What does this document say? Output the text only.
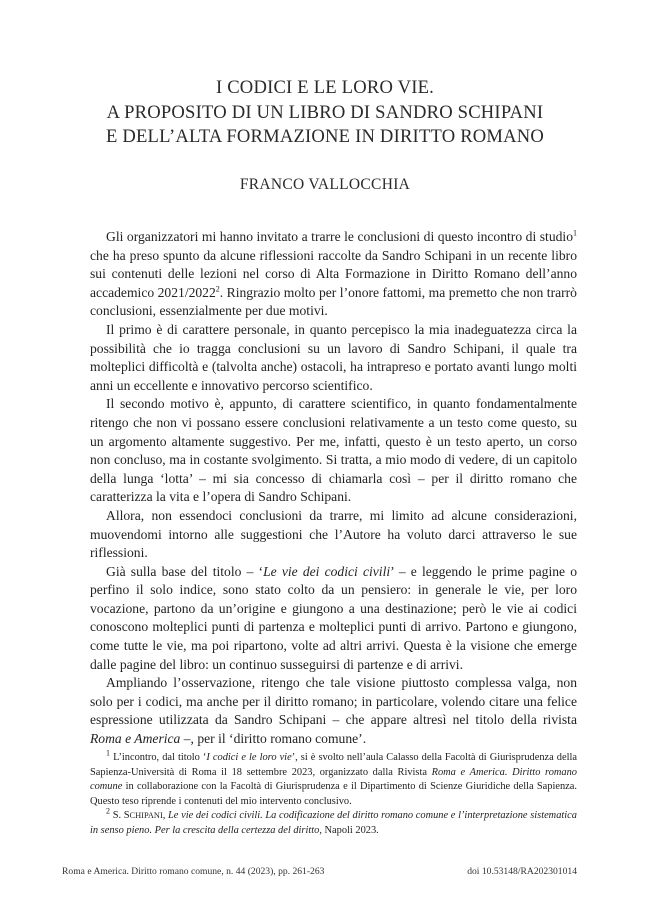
I CODICI E LE LORO VIE.
A PROPOSITO DI UN LIBRO DI SANDRO SCHIPANI
E DELL’ALTA FORMAZIONE IN DIRITTO ROMANO
FRANCO VALLOCCHIA

Gli organizzatori mi hanno invitato a trarre le conclusioni di questo incontro di studio$^1$ che ha preso spunto da alcune riflessioni raccolte da Sandro Schipani in un recente libro sui contenuti delle lezioni nel corso di Alta Formazione in Diritto Romano dell’anno accademico 2021/2022$^2$. Ringrazio molto per l’onore fattomi, ma premetto che non trarrò conclusioni, essenzialmente per due motivi.

Il primo è di carattere personale, in quanto percepisco la mia inadeguatezza circa la possibilità che io tragga conclusioni su un lavoro di Sandro Schipani, il quale tra molteplici difficoltà e (talvolta anche) ostacoli, ha intrapreso e portato avanti lungo molti anni un eccellente e innovativo percorso scientifico.

Il secondo motivo è, appunto, di carattere scientifico, in quanto fondamentalmente ritengo che non vi possano essere conclusioni relativamente a un testo come questo, su un argomento altamente suggestivo. Per me, infatti, questo è un testo aperto, un corso non concluso, ma in costante svolgimento. Si tratta, a mio modo di vedere, di un capitolo della lunga ‘lotta’ – mi sia concesso di chiamarla così – per il diritto romano che caratterizza la vita e l’opera di Sandro Schipani.

Allora, non essendoci conclusioni da trarre, mi limito ad alcune considerazioni, muovendomi intorno alle suggestioni che l’Autore ha voluto darci attraverso le sue riflessioni.

Già sulla base del titolo – ‘Le vie dei codici civili’ – e leggendo le prime pagine o perfino il solo indice, sono stato colto da un pensiero: in generale le vie, per loro vocazione, partono da un’origine e giungono a una destinazione; però le vie ai codici conoscono molteplici punti di partenza e molteplici punti di arrivo. Partono e giungono, come tutte le vie, ma poi ripartono, volte ad altri arrivi. Questa è la visione che emerge dalle pagine del libro: un continuo susseguirsi di partenze e di arrivi.

Ampliando l’osservazione, ritengo che tale visione piuttosto complessa valga, non solo per i codici, ma anche per il diritto romano; in particolare, volendo citare una felice espressione utilizzata da Sandro Schipani – che appare altresì nel titolo della rivista Roma e America –, per il ‘diritto romano comune’.

$^1$ L’incontro, dal titolo ‘I codici e le loro vie’, si è svolto nell’aula Calasso della Facoltà di Giurisprudenza della Sapienza-Università di Roma il 18 settembre 2023, organizzato dalla Rivista Roma e America. Diritto romano comune in collaborazione con la Facoltà di Giurisprudenza e il Dipartimento di Scienze Giuridiche della Sapienza. Questo teso riprende i contenuti del mio intervento conclusivo.

$^2$ S. SCHIPANI, Le vie dei codici civili. La codificazione del diritto romano comune e l’interpretazione sistematica in senso pieno. Per la crescita della certezza del diritto, Napoli 2023.

Roma e America. Diritto romano comune, n. 44 (2023), pp. 261-263	doi 10.53148/RA202301014
